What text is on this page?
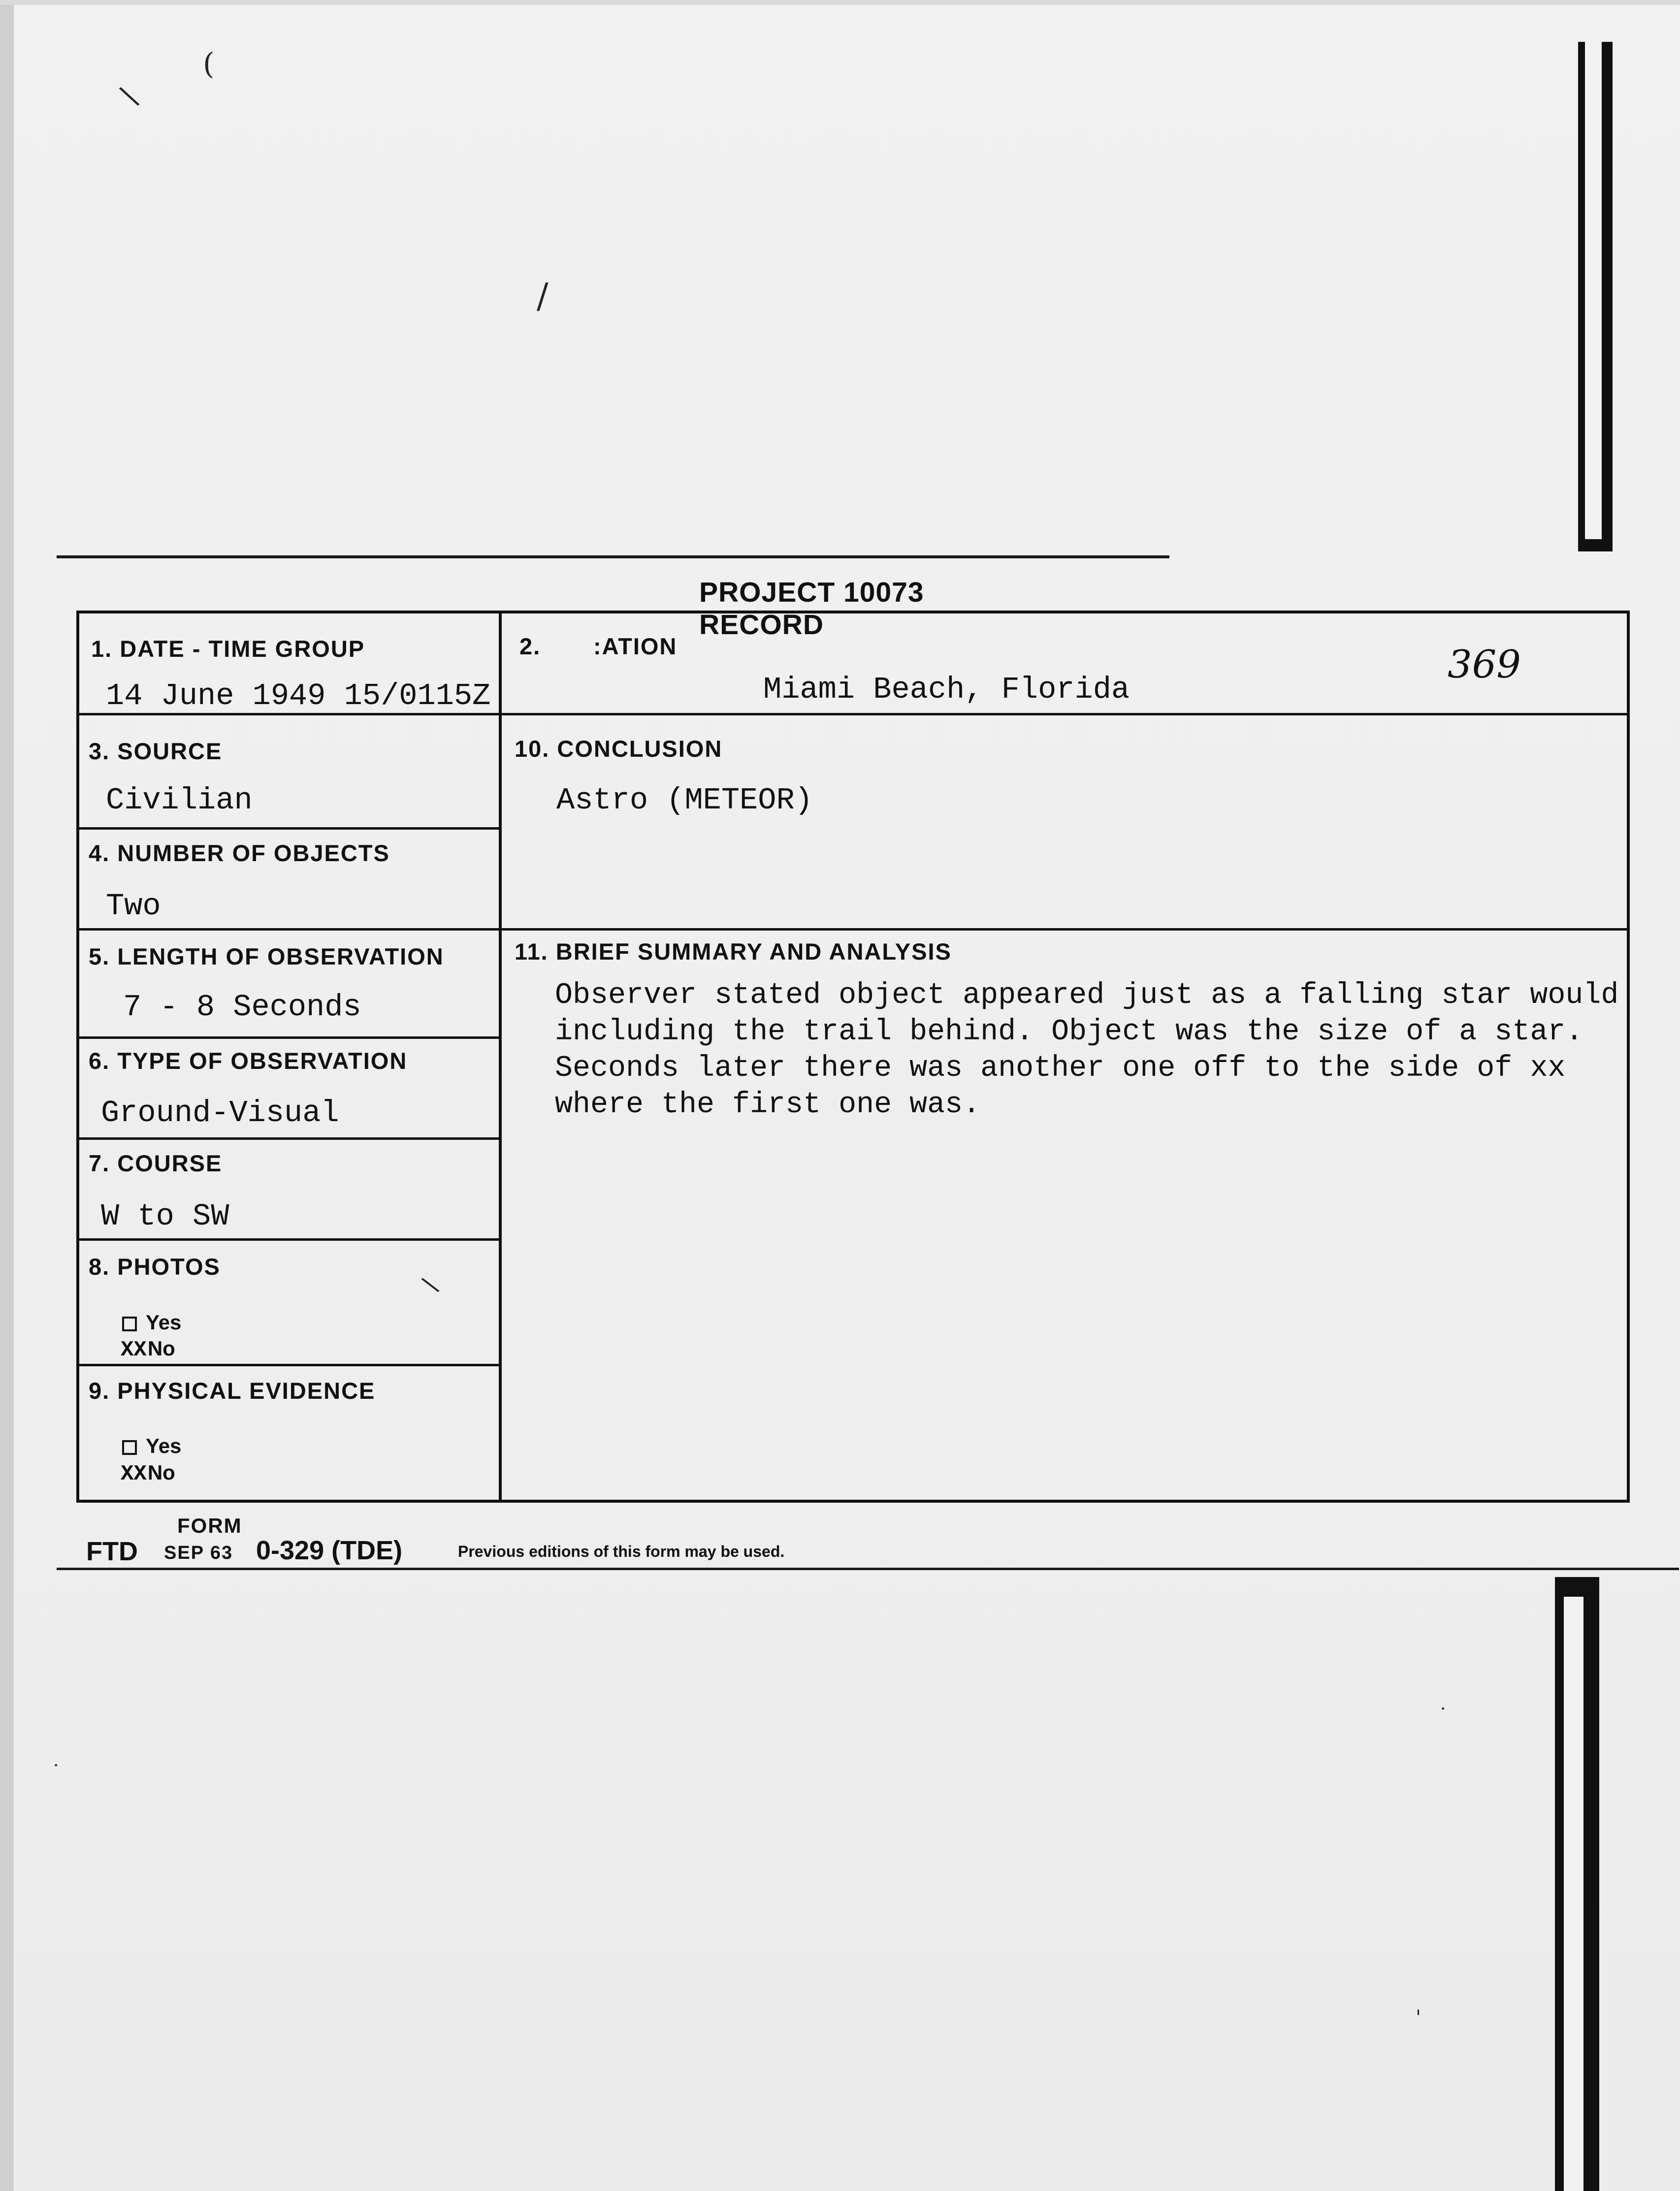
(
\
/
PROJECT 10073 RECORD
1. DATE - TIME GROUP
14 June 1949 15/0115Z
2. :ATION
Miami Beach, Florida
369
3. SOURCE
Civilian
10. CONCLUSION
Astro (METEOR)
4. NUMBER OF OBJECTS
Two
5. LENGTH OF OBSERVATION
7 - 8 Seconds
11. BRIEF SUMMARY AND ANALYSIS
Observer stated object appeared just as a falling star would
including the trail behind. Object was the size of a star.
Seconds later there was another one off to the side of xx
where the first one was.
6. TYPE OF OBSERVATION
Ground-Visual
7. COURSE
W to SW
8. PHOTOS
\
Yes
XXNo
9. PHYSICAL EVIDENCE
Yes
XXNo
FORM
FTD SEP 63 0-329 (TDE)	Previous editions of this form may be used.
.
.
'
